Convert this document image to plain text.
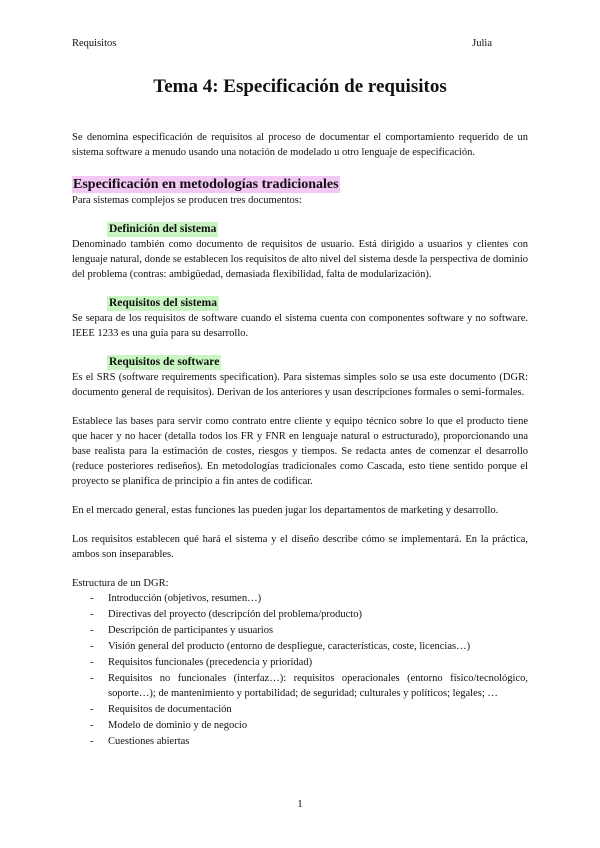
Requisitos	Julia
Tema 4: Especificación de requisitos

Se denomina especificación de requisitos al proceso de documentar el comportamiento requerido de un sistema software a menudo usando una notación de modelado u otro lenguaje de especificación.

Especificación en metodologías tradicionales

Para sistemas complejos se producen tres documentos:

Definición del sistema

Denominado también como documento de requisitos de usuario. Está dirigido a usuarios y clientes con lenguaje natural, donde se establecen los requisitos de alto nivel del sistema desde la perspectiva de dominio del problema (contras: ambigüedad, demasiada flexibilidad, falta de modularización).

Requisitos del sistema

Se separa de los requisitos de software cuando el sistema cuenta con componentes software y no software. IEEE 1233 es una guía para su desarrollo.

Requisitos de software

Es el SRS (software requirements specification). Para sistemas simples solo se usa este documento (DGR: documento general de requisitos). Derivan de los anteriores y usan descripciones formales o semi-formales.

Establece las bases para servir como contrato entre cliente y equipo técnico sobre lo que el producto tiene que hacer y no hacer (detalla todos los FR y FNR en lenguaje natural o estructurado), proporcionando una base realista para la estimación de costes, riesgos y tiempos. Se redacta antes de comenzar el desarrollo (reduce posteriores rediseños). En metodologías tradicionales como Cascada, esto tiene sentido porque el proyecto se planifica de principio a fin antes de codificar.

En el mercado general, estas funciones las pueden jugar los departamentos de marketing y desarrollo.

Los requisitos establecen qué hará el sistema y el diseño describe cómo se implementará. En la práctica, ambos son inseparables.

Estructura de un DGR:

- Introducción (objetivos, resumen…)
- Directivas del proyecto (descripción del problema/producto)
- Descripción de participantes y usuarios
- Visión general del producto (entorno de despliegue, características, coste, licencias…)
- Requisitos funcionales (precedencia y prioridad)
- Requisitos no funcionales (interfaz…): requisitos operacionales (entorno físico/tecnológico, soporte…); de mantenimiento y portabilidad; de seguridad; culturales y políticos; legales; …
- Requisitos de documentación
- Modelo de dominio y de negocio
- Cuestiones abiertas
1
